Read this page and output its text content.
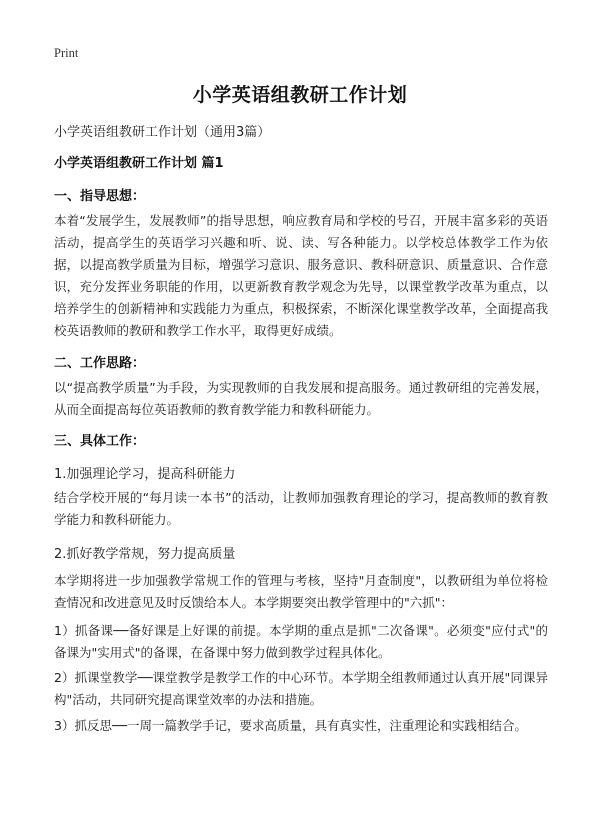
Print
小学英语组教研工作计划
小学英语组教研工作计划（通用3篇）
小学英语组教研工作计划 篇1
一、指导思想：

本着“发展学生，发展教师”的指导思想，响应教育局和学校的号召，开展丰富多彩的英语活动，提高学生的英语学习兴趣和听、说、读、写各种能力。以学校总体教学工作为依据，以提高教学质量为目标，增强学习意识、服务意识、教科研意识、质量意识、合作意识，充分发挥业务职能的作用，以更新教育教学观念为先导，以课堂教学改革为重点，以培养学生的创新精神和实践能力为重点，积极探索，不断深化课堂教学改革，全面提高我校英语教师的教研和教学工作水平，取得更好成绩。

二、工作思路：

以“提高教学质量”为手段，为实现教师的自我发展和提高服务。通过教研组的完善发展，从而全面提高每位英语教师的教育教学能力和教科研能力。

三、具体工作：
1.加强理论学习，提高科研能力

结合学校开展的“每月读一本书”的活动，让教师加强教育理论的学习，提高教师的教育教学能力和教科研能力。

2.抓好教学常规，努力提高质量

本学期将进一步加强教学常规工作的管理与考核，坚持"月查制度"，以教研组为单位将检查情况和改进意见及时反馈给本人。本学期要突出教学管理中的"六抓"：

1）抓备课──备好课是上好课的前提。本学期的重点是抓"二次备课"。必须变"应付式"的备课为"实用式"的备课，在备课中努力做到教学过程具体化。

2）抓课堂教学──课堂教学是教学工作的中心环节。本学期全组教师通过认真开展"同课异构"活动，共同研究提高课堂效率的办法和措施。

3）抓反思──一周一篇教学手记，要求高质量，具有真实性，注重理论和实践相结合。
